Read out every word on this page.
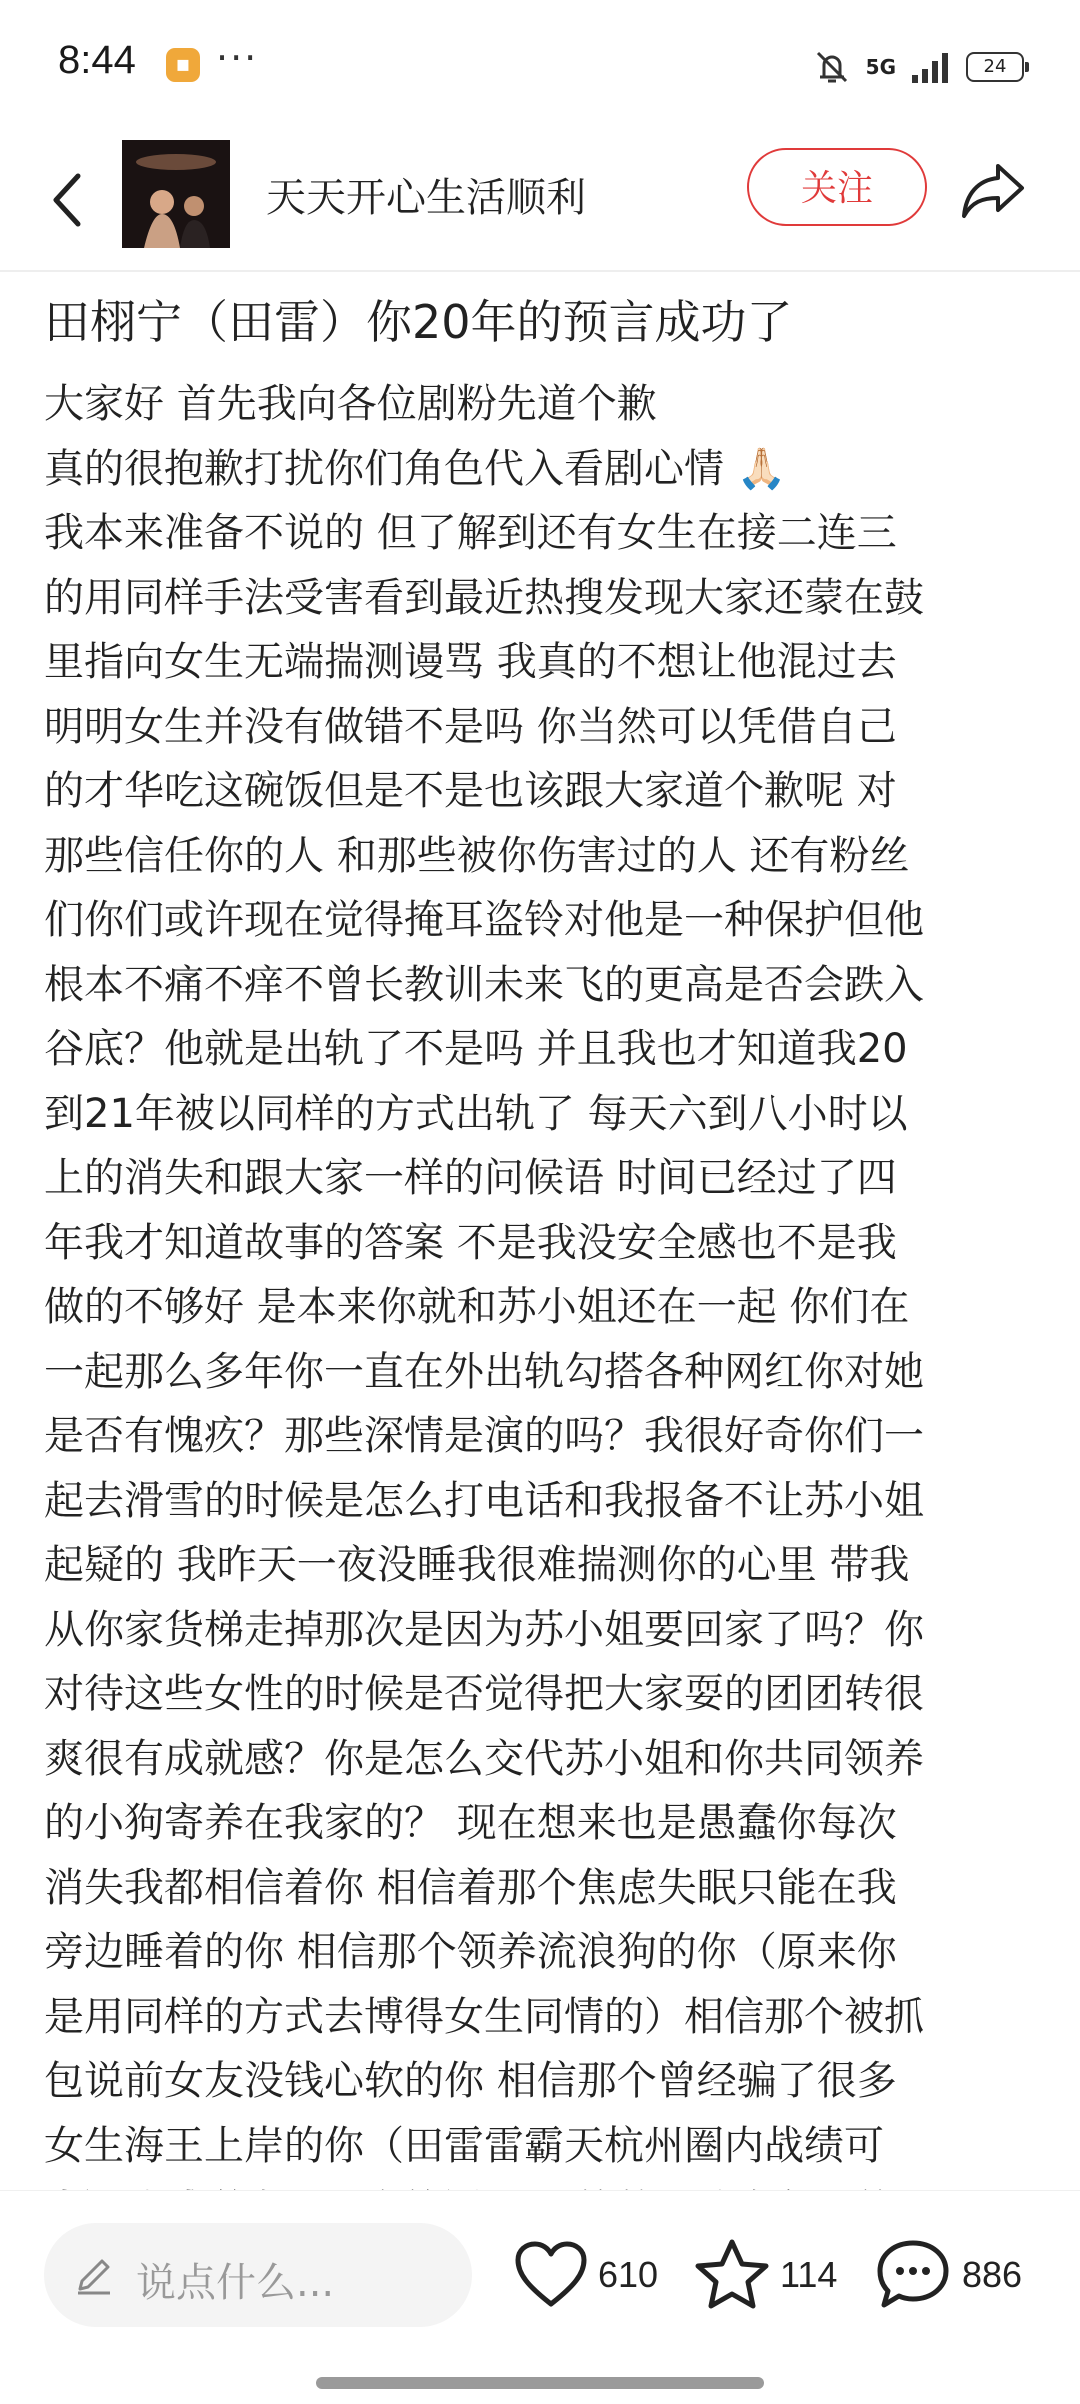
8:44	▪ ···	5G	24
天天开心生活顺利	关注
田栩宁（田雷）你20年的预言成功了

大家好 首先我向各位剧粉先道个歉

真的很抱歉打扰你们角色代入看剧心情 🙏🏻

我本来准备不说的 但了解到还有女生在接二连三

的用同样手法受害看到最近热搜发现大家还蒙在鼓

里指向女生无端揣测谩骂 我真的不想让他混过去

明明女生并没有做错不是吗 你当然可以凭借自己

的才华吃这碗饭但是不是也该跟大家道个歉呢 对

那些信任你的人 和那些被你伤害过的人 还有粉丝

们你们或许现在觉得掩耳盗铃对他是一种保护但他

根本不痛不痒不曾长教训未来飞的更高是否会跌入

谷底？他就是出轨了不是吗 并且我也才知道我20

到21年被以同样的方式出轨了 每天六到八小时以

上的消失和跟大家一样的问候语 时间已经过了四

年我才知道故事的答案 不是我没安全感也不是我

做的不够好 是本来你就和苏小姐还在一起 你们在

一起那么多年你一直在外出轨勾搭各种网红你对她

是否有愧疚？那些深情是演的吗？我很好奇你们一

起去滑雪的时候是怎么打电话和我报备不让苏小姐

起疑的 我昨天一夜没睡我很难揣测你的心里 带我

从你家货梯走掉那次是因为苏小姐要回家了吗？你

对待这些女性的时候是否觉得把大家耍的团团转很

爽很有成就感？你是怎么交代苏小姐和你共同领养

的小狗寄养在我家的？ 现在想来也是愚蠢你每次

消失我都相信着你 相信着那个焦虑失眠只能在我

旁边睡着的你 相信那个领养流浪狗的你（原来你

是用同样的方式去博得女生同情的）相信那个被抓

包说前女友没钱心软的你 相信那个曾经骗了很多

女生海王上岸的你（田雷雷霸天杭州圈内战绩可

说点什么...	610	114	886
